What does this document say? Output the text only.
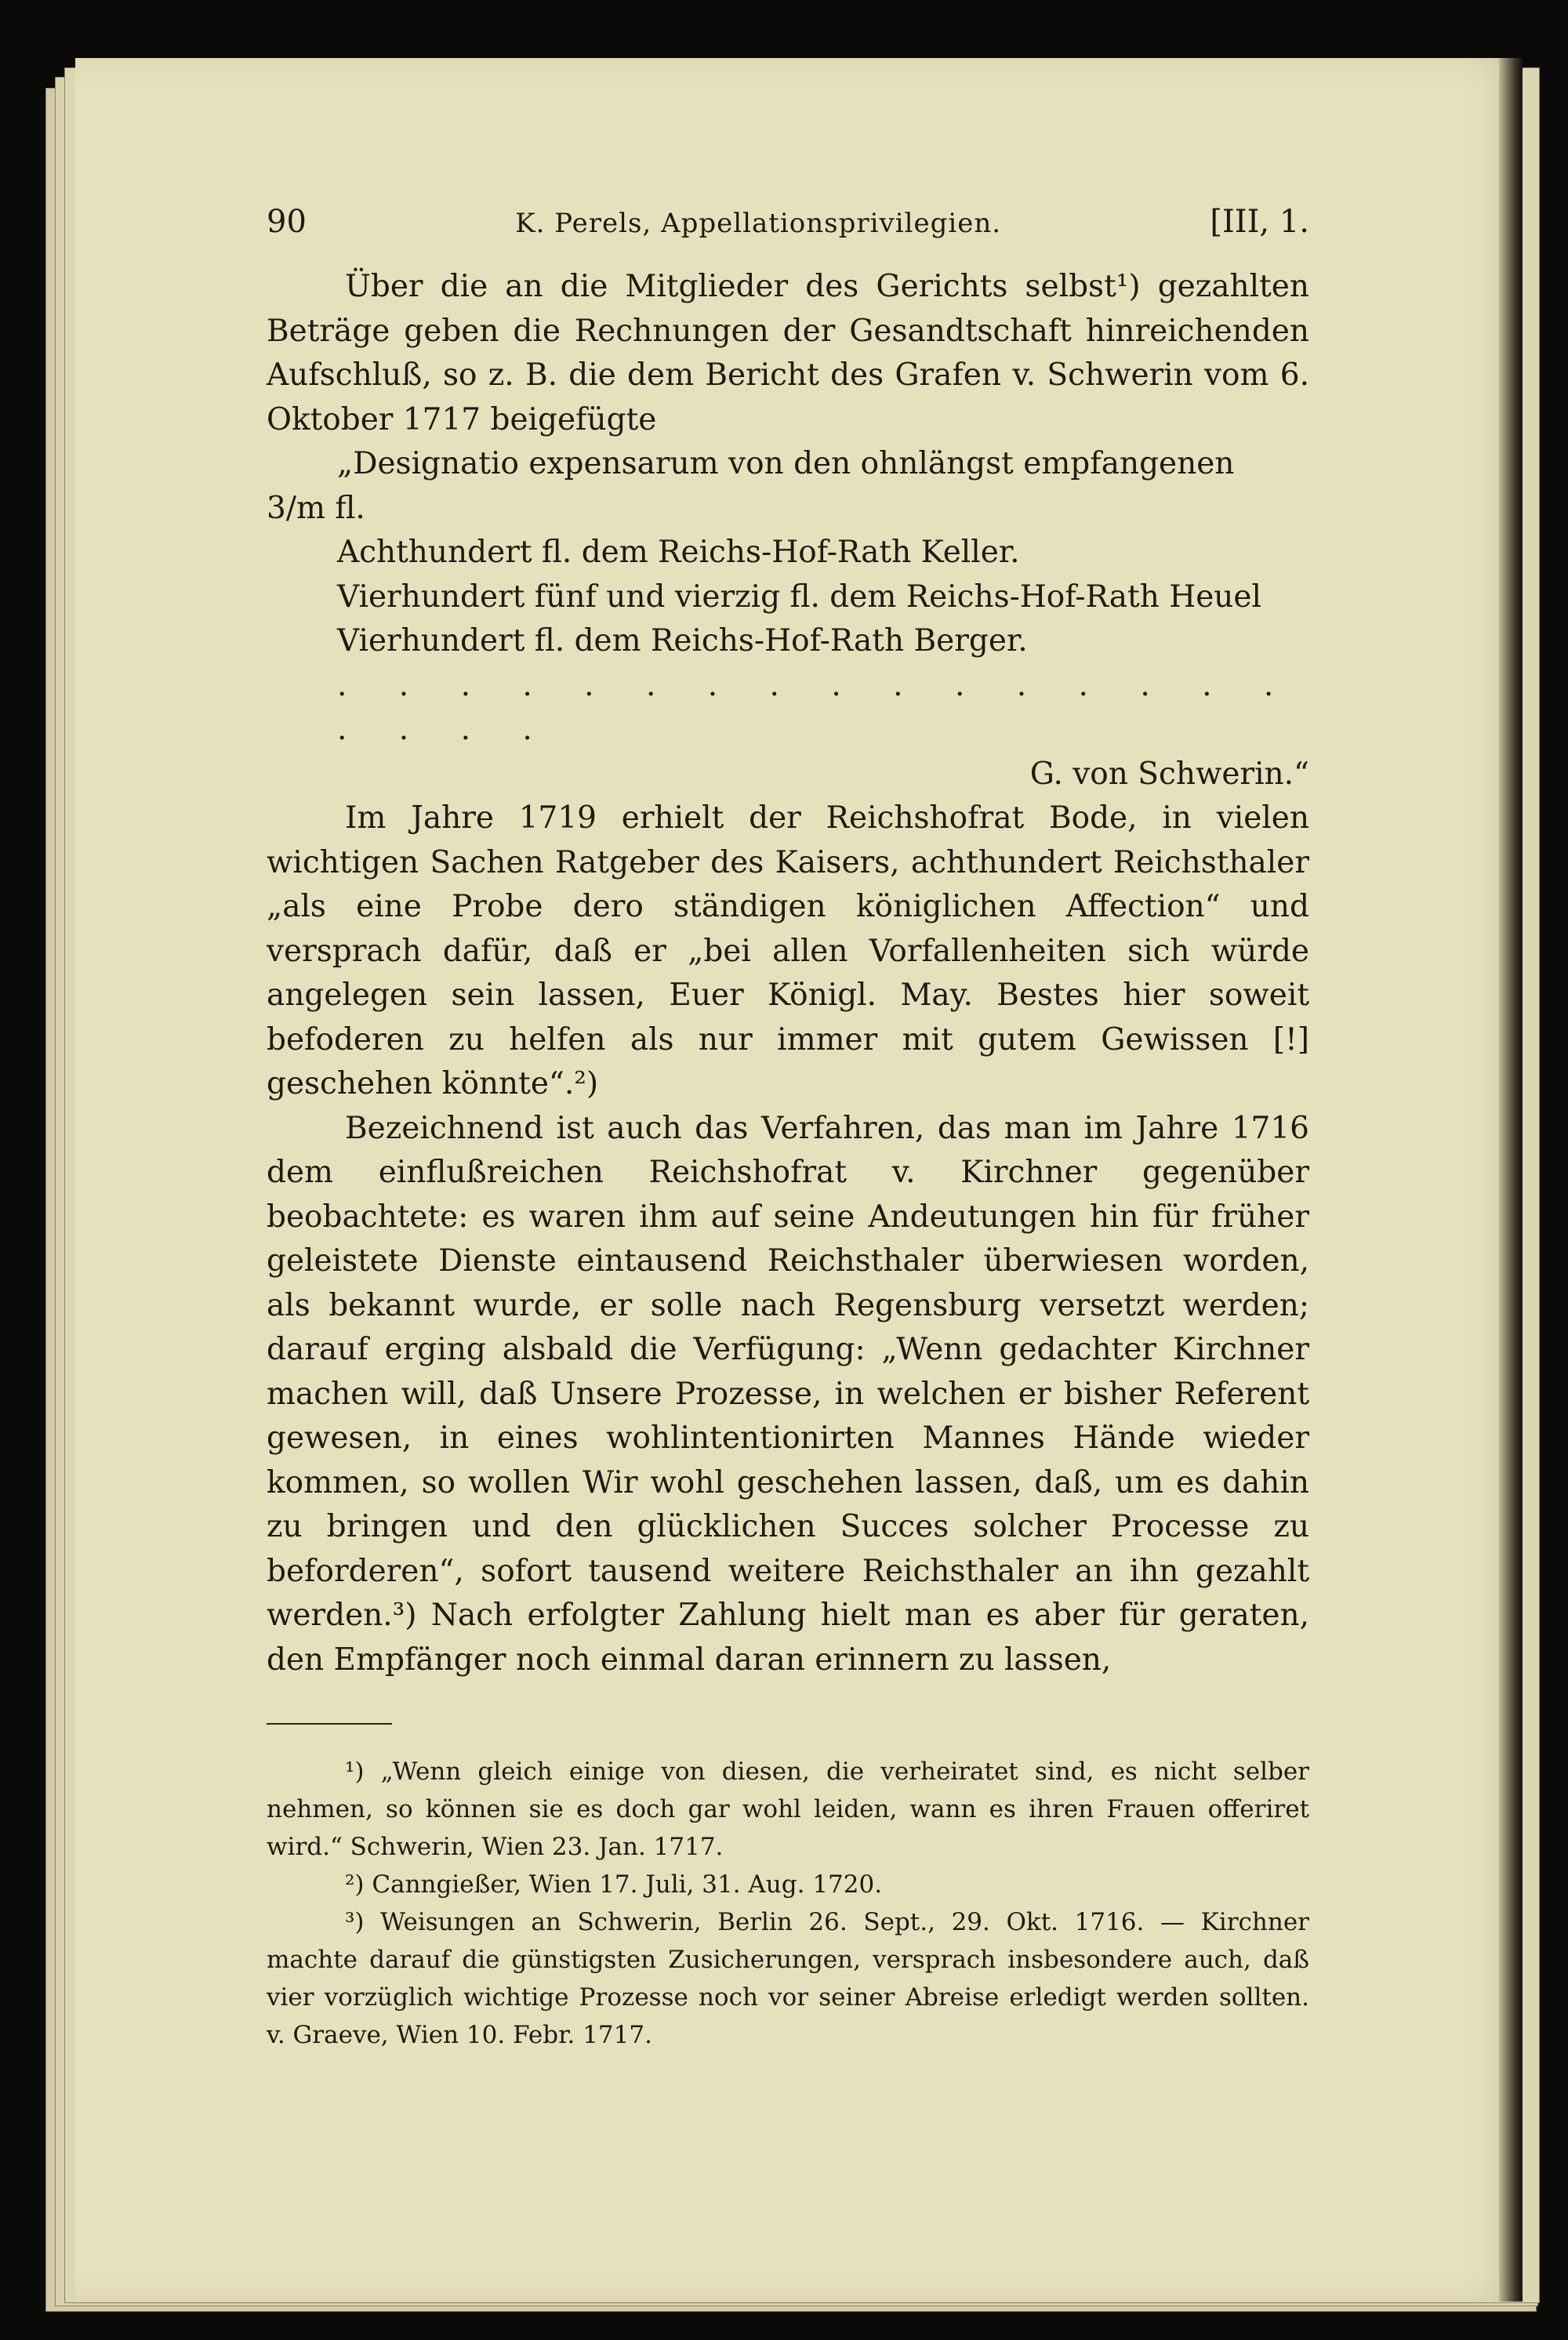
90	K. Perels, Appellationsprivilegien.	[III, 1.

Über die an die Mitglieder des Gerichts selbst¹) gezahlten Beträge geben die Rechnungen der Gesandtschaft hinreichenden Aufschluß, so z. B. die dem Bericht des Grafen v. Schwerin vom 6. Oktober 1717 beigefügte

„Designatio expensarum von den ohnlängst empfangenen

3/m fl.

Achthundert fl. dem Reichs-Hof-Rath Keller.

Vierhundert fünf und vierzig fl. dem Reichs-Hof-Rath Heuel

Vierhundert fl. dem Reichs-Hof-Rath Berger.

. . . . . . . . . . . . . . . . . . . .
G. von Schwerin.“

Im Jahre 1719 erhielt der Reichshofrat Bode, in vielen wichtigen Sachen Ratgeber des Kaisers, achthundert Reichsthaler „als eine Probe dero ständigen königlichen Affection“ und versprach dafür, daß er „bei allen Vorfallenheiten sich würde angelegen sein lassen, Euer Königl. May. Bestes hier soweit befoderen zu helfen als nur immer mit gutem Gewissen [!] geschehen könnte“.²)

Bezeichnend ist auch das Verfahren, das man im Jahre 1716 dem einflußreichen Reichshofrat v. Kirchner gegenüber beobachtete: es waren ihm auf seine Andeutungen hin für früher geleistete Dienste eintausend Reichsthaler überwiesen worden, als bekannt wurde, er solle nach Regensburg versetzt werden; darauf erging alsbald die Verfügung: „Wenn gedachter Kirchner machen will, daß Unsere Prozesse, in welchen er bisher Referent gewesen, in eines wohlintentionirten Mannes Hände wieder kommen, so wollen Wir wohl geschehen lassen, daß, um es dahin zu bringen und den glücklichen Succes solcher Processe zu beforderen“, sofort tausend weitere Reichsthaler an ihn gezahlt werden.³) Nach erfolgter Zahlung hielt man es aber für geraten, den Empfänger noch einmal daran erinnern zu lassen,

¹) „Wenn gleich einige von diesen, die verheiratet sind, es nicht selber nehmen, so können sie es doch gar wohl leiden, wann es ihren Frauen offeriret wird.“ Schwerin, Wien 23. Jan. 1717.

²) Canngießer, Wien 17. Juli, 31. Aug. 1720.

³) Weisungen an Schwerin, Berlin 26. Sept., 29. Okt. 1716. — Kirchner machte darauf die günstigsten Zusicherungen, versprach insbesondere auch, daß vier vorzüglich wichtige Prozesse noch vor seiner Abreise erledigt werden sollten. v. Graeve, Wien 10. Febr. 1717.
